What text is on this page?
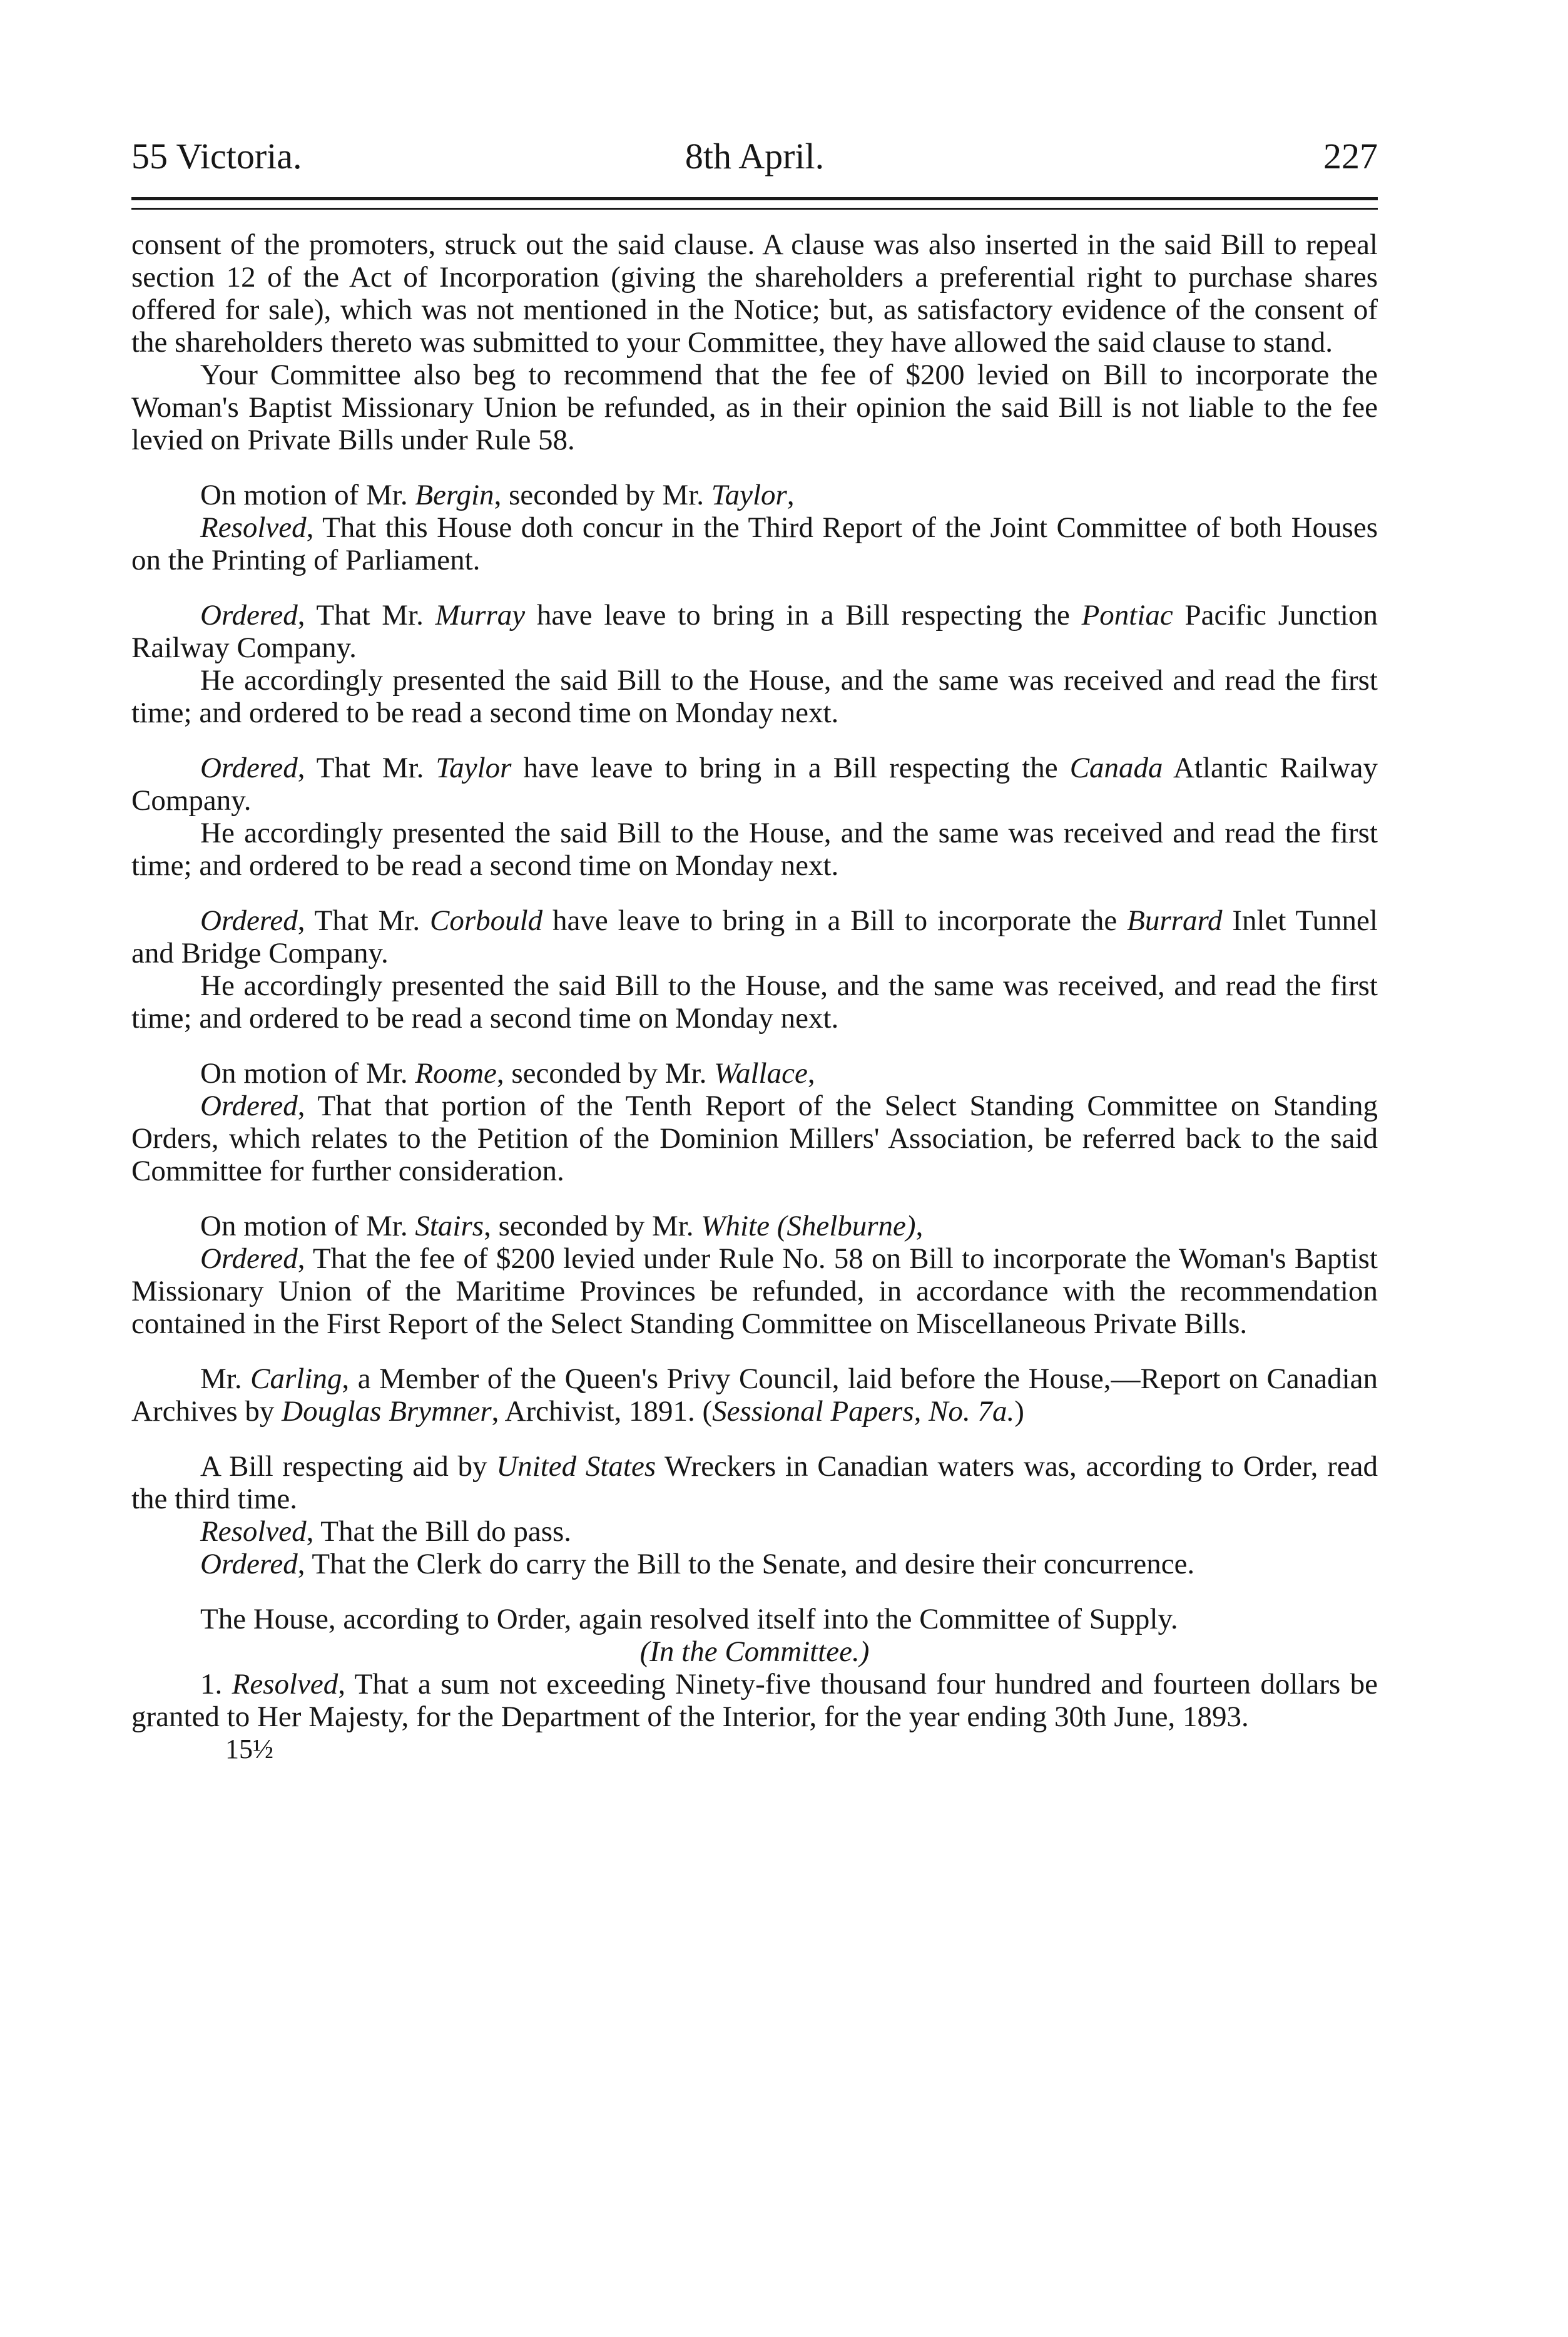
55 Victoria.	8th April.	227

consent of the promoters, struck out the said clause. A clause was also inserted in the said Bill to repeal section 12 of the Act of Incorporation (giving the shareholders a preferential right to purchase shares offered for sale), which was not mentioned in the Notice; but, as satisfactory evidence of the consent of the shareholders thereto was submitted to your Committee, they have allowed the said clause to stand.

Your Committee also beg to recommend that the fee of $200 levied on Bill to incorporate the Woman's Baptist Missionary Union be refunded, as in their opinion the said Bill is not liable to the fee levied on Private Bills under Rule 58.

On motion of Mr. Bergin, seconded by Mr. Taylor,

Resolved, That this House doth concur in the Third Report of the Joint Committee of both Houses on the Printing of Parliament.

Ordered, That Mr. Murray have leave to bring in a Bill respecting the Pontiac Pacific Junction Railway Company.

He accordingly presented the said Bill to the House, and the same was received and read the first time; and ordered to be read a second time on Monday next.

Ordered, That Mr. Taylor have leave to bring in a Bill respecting the Canada Atlantic Railway Company.

He accordingly presented the said Bill to the House, and the same was received and read the first time; and ordered to be read a second time on Monday next.

Ordered, That Mr. Corbould have leave to bring in a Bill to incorporate the Burrard Inlet Tunnel and Bridge Company.

He accordingly presented the said Bill to the House, and the same was received, and read the first time; and ordered to be read a second time on Monday next.

On motion of Mr. Roome, seconded by Mr. Wallace,

Ordered, That that portion of the Tenth Report of the Select Standing Committee on Standing Orders, which relates to the Petition of the Dominion Millers' Association, be referred back to the said Committee for further consideration.

On motion of Mr. Stairs, seconded by Mr. White (Shelburne),

Ordered, That the fee of $200 levied under Rule No. 58 on Bill to incorporate the Woman's Baptist Missionary Union of the Maritime Provinces be refunded, in accordance with the recommendation contained in the First Report of the Select Standing Committee on Miscellaneous Private Bills.

Mr. Carling, a Member of the Queen's Privy Council, laid before the House,—Report on Canadian Archives by Douglas Brymner, Archivist, 1891. (Sessional Papers, No. 7a.)

A Bill respecting aid by United States Wreckers in Canadian waters was, according to Order, read the third time.

Resolved, That the Bill do pass.

Ordered, That the Clerk do carry the Bill to the Senate, and desire their concurrence.

The House, according to Order, again resolved itself into the Committee of Supply.

(In the Committee.)

1. Resolved, That a sum not exceeding Ninety-five thousand four hundred and fourteen dollars be granted to Her Majesty, for the Department of the Interior, for the year ending 30th June, 1893.

15½
